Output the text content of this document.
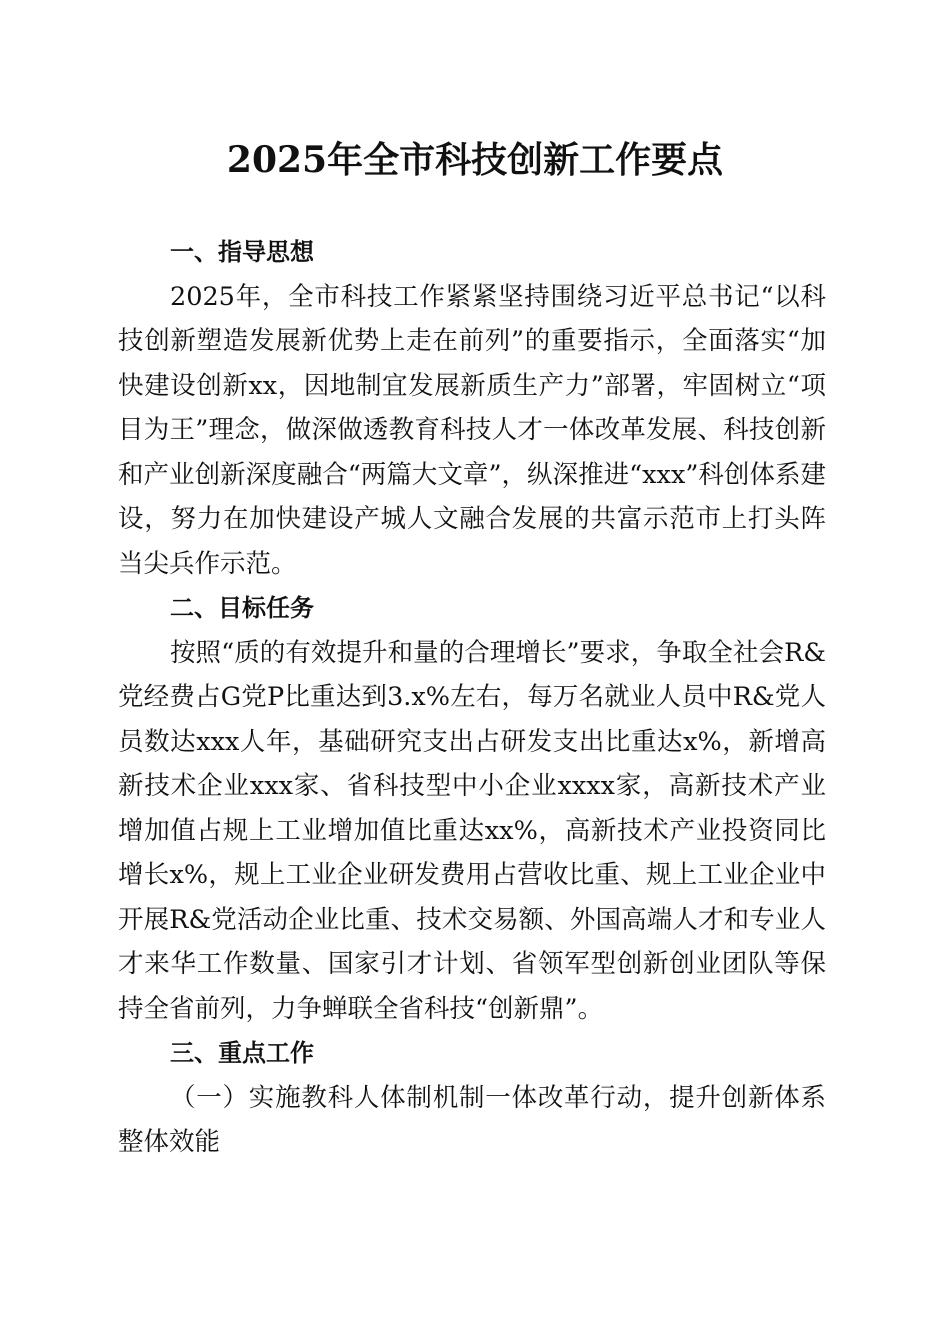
2025年全市科技创新工作要点

一、指导思想

2025年，全市科技工作紧紧坚持围绕习近平总书记“以科技创新塑造发展新优势上走在前列”的重要指示，全面落实“加快建设创新xx，因地制宜发展新质生产力”部署，牢固树立“项目为王”理念，做深做透教育科技人才一体改革发展、科技创新和产业创新深度融合“两篇大文章”，纵深推进“xxx”科创体系建设，努力在加快建设产城人文融合发展的共富示范市上打头阵当尖兵作示范。

二、目标任务

按照“质的有效提升和量的合理增长”要求，争取全社会R&党经费占G党P比重达到3.x%左右，每万名就业人员中R&党人员数达xxx人年，基础研究支出占研发支出比重达x%，新增高新技术企业xxx家、省科技型中小企业xxxx家，高新技术产业增加值占规上工业增加值比重达xx%，高新技术产业投资同比增长x%，规上工业企业研发费用占营收比重、规上工业企业中开展R&党活动企业比重、技术交易额、外国高端人才和专业人才来华工作数量、国家引才计划、省领军型创新创业团队等保持全省前列，力争蝉联全省科技“创新鼎”。

三、重点工作

（一）实施教科人体制机制一体改革行动，提升创新体系整体效能
